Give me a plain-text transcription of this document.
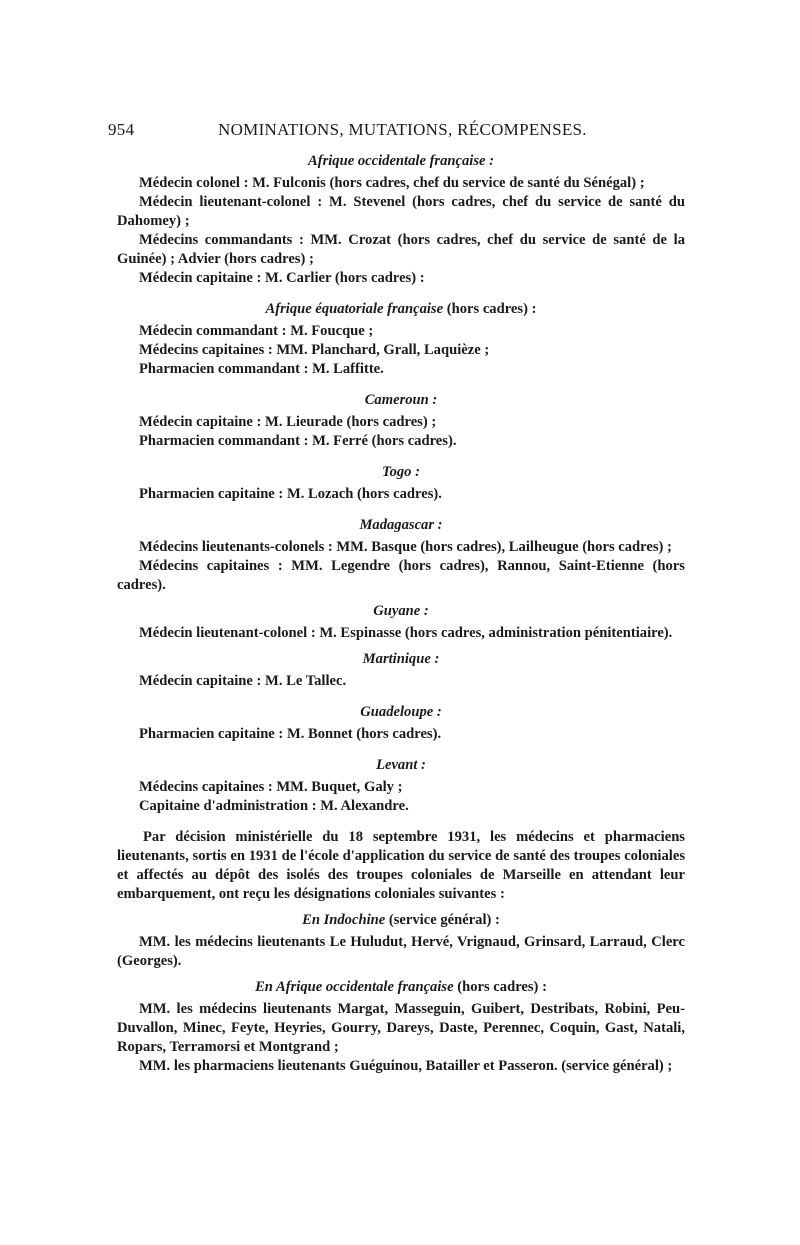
954	NOMINATIONS, MUTATIONS, RÉCOMPENSES.
Afrique occidentale française :
Médecin colonel : M. Fulconis (hors cadres, chef du service de santé du Sénégal) ;
Médecin lieutenant-colonel : M. Stevenel (hors cadres, chef du service de santé du Dahomey) ;
Médecins commandants : MM. Crozat (hors cadres, chef du service de santé de la Guinée) ; Advier (hors cadres) ;
Médecin capitaine : M. Carlier (hors cadres) :
Afrique équatoriale française (hors cadres) :
Médecin commandant : M. Foucque ;
Médecins capitaines : MM. Planchard, Grall, Laquièze ;
Pharmacien commandant : M. Laffitte.
Cameroun :
Médecin capitaine : M. Lieurade (hors cadres) ;
Pharmacien commandant : M. Ferré (hors cadres).
Togo :
Pharmacien capitaine : M. Lozach (hors cadres).
Madagascar :
Médecins lieutenants-colonels : MM. Basque (hors cadres), Lailheugue (hors cadres) ;
Médecins capitaines : MM. Legendre (hors cadres), Rannou, Saint-Etienne (hors cadres).
Guyane :
Médecin lieutenant-colonel : M. Espinasse (hors cadres, administration pénitentiaire).
Martinique :
Médecin capitaine : M. Le Tallec.
Guadeloupe :
Pharmacien capitaine : M. Bonnet (hors cadres).
Levant :
Médecins capitaines : MM. Buquet, Galy ;
Capitaine d'administration : M. Alexandre.
Par décision ministérielle du 18 septembre 1931, les médecins et pharmaciens lieutenants, sortis en 1931 de l'école d'application du service de santé des troupes coloniales et affectés au dépôt des isolés des troupes coloniales de Marseille en attendant leur embarquement, ont reçu les désignations coloniales suivantes :
En Indochine (service général) :
MM. les médecins lieutenants Le Huludut, Hervé, Vrignaud, Grinsard, Larraud, Clerc (Georges).
En Afrique occidentale française (hors cadres) :
MM. les médecins lieutenants Margat, Masseguin, Guibert, Destribats, Robini, Peu-Duvallon, Minec, Feyte, Heyries, Gourry, Dareys, Daste, Perennec, Coquin, Gast, Natali, Ropars, Terramorsi et Montgrand ;
MM. les pharmaciens lieutenants Guéguinou, Batailler et Passeron. (service général) ;
